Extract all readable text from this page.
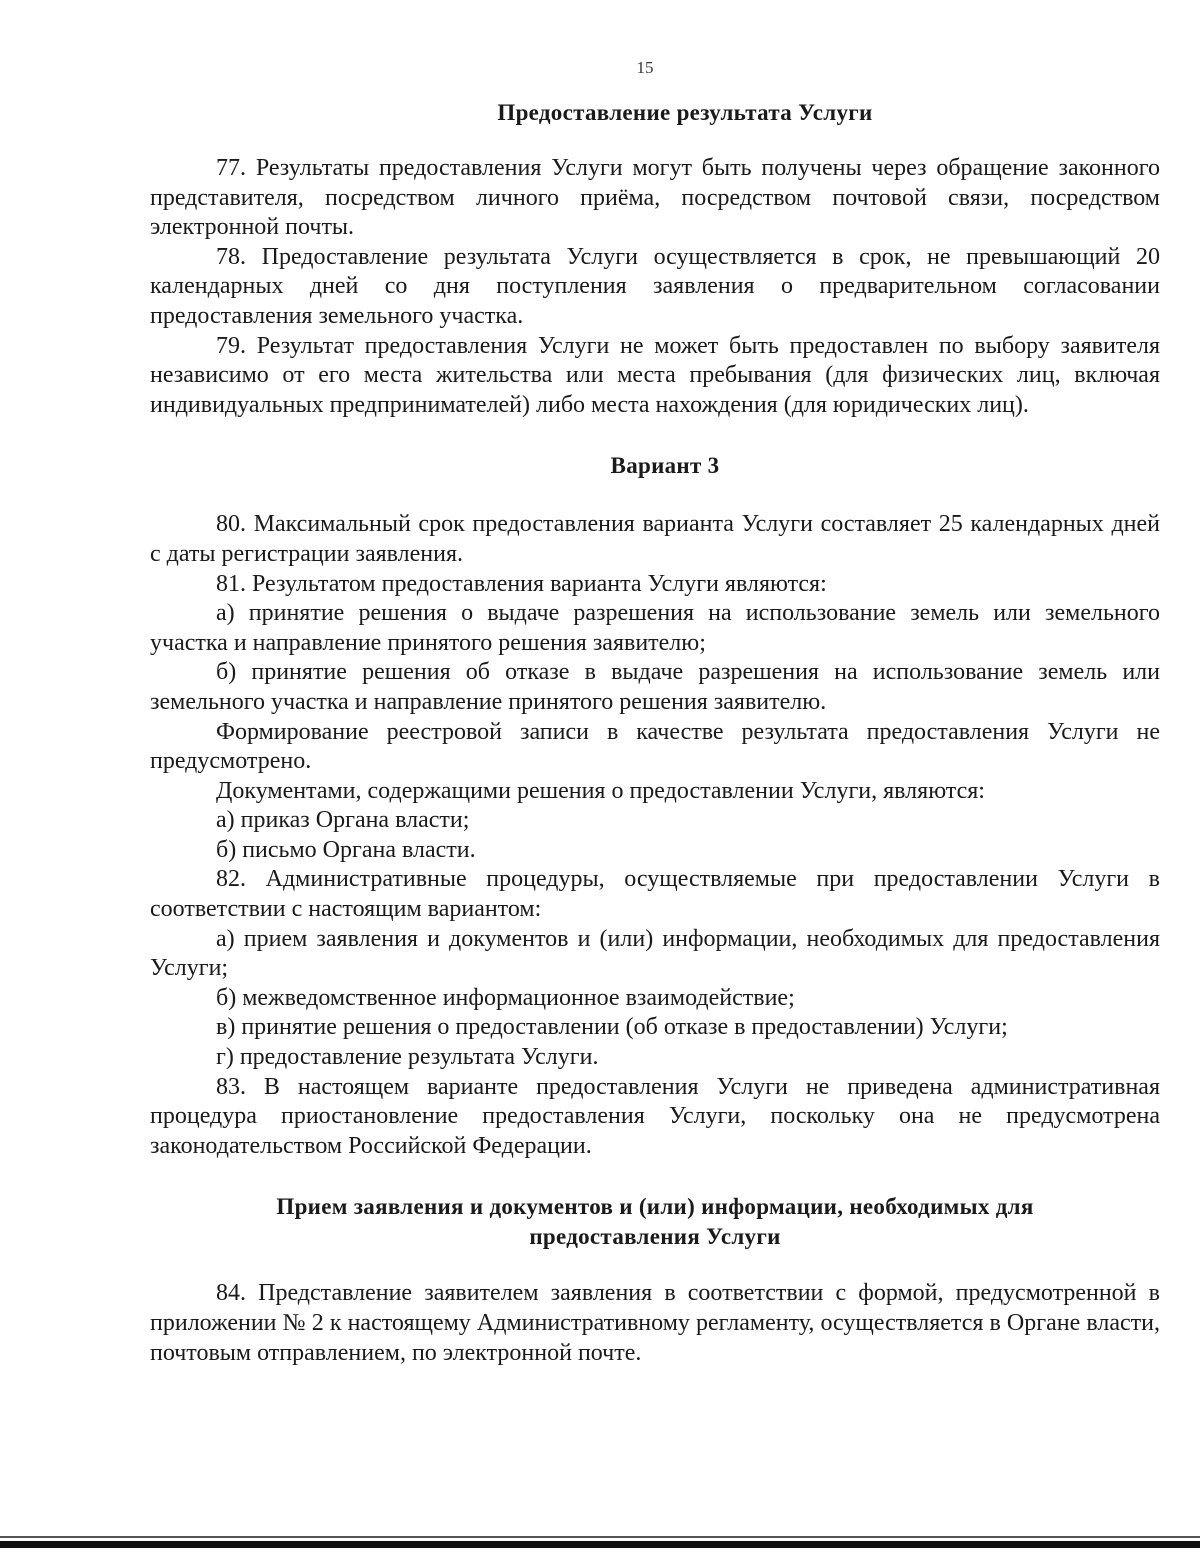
15
Предоставление результата Услуги

77. Результаты предоставления Услуги могут быть получены через обращение законного представителя, посредством личного приёма, посредством почтовой связи, посредством электронной почты.

78. Предоставление результата Услуги осуществляется в срок, не превышающий 20 календарных дней со дня поступления заявления о предварительном согласовании предоставления земельного участка.

79. Результат предоставления Услуги не может быть предоставлен по выбору заявителя независимо от его места жительства или места пребывания (для физических лиц, включая индивидуальных предпринимателей) либо места нахождения (для юридических лиц).

Вариант 3

80. Максимальный срок предоставления варианта Услуги составляет 25 календарных дней с даты регистрации заявления.

81. Результатом предоставления варианта Услуги являются:

а) принятие решения о выдаче разрешения на использование земель или земельного участка и направление принятого решения заявителю;

б) принятие решения об отказе в выдаче разрешения на использование земель или земельного участка и направление принятого решения заявителю.

Формирование реестровой записи в качестве результата предоставления Услуги не предусмотрено.

Документами, содержащими решения о предоставлении Услуги, являются:

а) приказ Органа власти;

б) письмо Органа власти.

82. Административные процедуры, осуществляемые при предоставлении Услуги в соответствии с настоящим вариантом:

а) прием заявления и документов и (или) информации, необходимых для предоставления Услуги;

б) межведомственное информационное взаимодействие;

в) принятие решения о предоставлении (об отказе в предоставлении) Услуги;

г) предоставление результата Услуги.

83. В настоящем варианте предоставления Услуги не приведена административная процедура приостановление предоставления Услуги, поскольку она не предусмотрена законодательством Российской Федерации.

Прием заявления и документов и (или) информации, необходимых для
предоставления Услуги

84. Представление заявителем заявления в соответствии с формой, предусмотренной в приложении № 2 к настоящему Административному регламенту, осуществляется в Органе власти, почтовым отправлением, по электронной почте.
